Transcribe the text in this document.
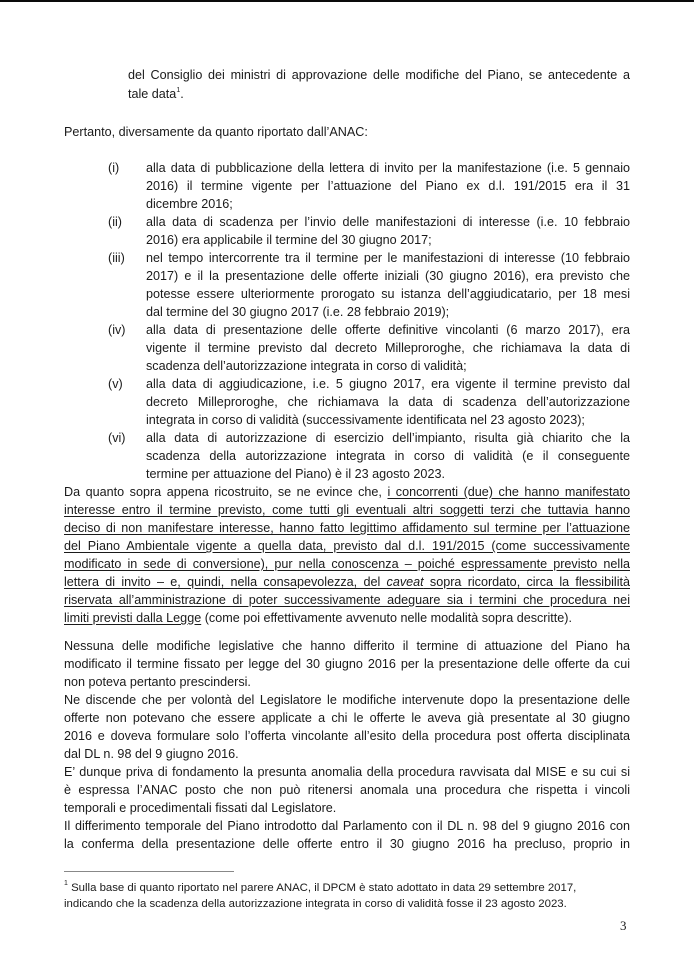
del Consiglio dei ministri di approvazione delle modifiche del Piano, se antecedente a
tale data$^1$.
Pertanto, diversamente da quanto riportato dall’ANAC:
(i) alla data di pubblicazione della lettera di invito per la manifestazione (i.e. 5 gennaio
2016) il termine vigente per l’attuazione del Piano ex d.l. 191/2015 era il 31
dicembre 2016;
(ii) alla data di scadenza per l’invio delle manifestazioni di interesse (i.e. 10 febbraio
2016) era applicabile il termine del 30 giugno 2017;
(iii) nel tempo intercorrente tra il termine per le manifestazioni di interesse (10 febbraio
2017) e il la presentazione delle offerte iniziali (30 giugno 2016), era previsto che
potesse essere ulteriormente prorogato su istanza dell’aggiudicatario, per 18 mesi
dal termine del 30 giugno 2017 (i.e. 28 febbraio 2019);
(iv) alla data di presentazione delle offerte definitive vincolanti (6 marzo 2017), era
vigente il termine previsto dal decreto Milleproroghe, che richiamava la data di
scadenza dell’autorizzazione integrata in corso di validità;
(v) alla data di aggiudicazione, i.e. 5 giugno 2017, era vigente il termine previsto dal
decreto Milleproroghe, che richiamava la data di scadenza dell’autorizzazione
integrata in corso di validità (successivamente identificata nel 23 agosto 2023);
(vi) alla data di autorizzazione di esercizio dell’impianto, risulta già chiarito che la
scadenza della autorizzazione integrata in corso di validità (e il conseguente
termine per attuazione del Piano) è il 23 agosto 2023.
Da quanto sopra appena ricostruito, se ne evince che, i concorrenti (due) che hanno manifestato
interesse entro il termine previsto, come tutti gli eventuali altri soggetti terzi che tuttavia hanno
deciso di non manifestare interesse, hanno fatto legittimo affidamento sul termine per l’attuazione
del Piano Ambientale vigente a quella data, previsto dal d.l. 191/2015 (come successivamente
modificato in sede di conversione), pur nella conoscenza – poiché espressamente previsto nella
lettera di invito – e, quindi, nella consapevolezza, del caveat sopra ricordato, circa la flessibilità
riservata all’amministrazione di poter successivamente adeguare sia i termini che procedura nei
limiti previsti dalla Legge (come poi effettivamente avvenuto nelle modalità sopra descritte).
Nessuna delle modifiche legislative che hanno differito il termine di attuazione del Piano ha
modificato il termine fissato per legge del 30 giugno 2016 per la presentazione delle offerte da cui
non poteva pertanto prescindersi.
Ne discende che per volontà del Legislatore le modifiche intervenute dopo la presentazione delle
offerte non potevano che essere applicate a chi le offerte le aveva già presentate al 30 giugno
2016 e doveva formulare solo l’offerta vincolante all’esito della procedura post offerta disciplinata
dal DL n. 98 del 9 giugno 2016.
E’ dunque priva di fondamento la presunta anomalia della procedura ravvisata dal MISE e su cui si
è espressa l’ANAC posto che non può ritenersi anomala una procedura che rispetta i vincoli
temporali e procedimentali fissati dal Legislatore.
Il differimento temporale del Piano introdotto dal Parlamento con il DL n. 98 del 9 giugno 2016 con
la conferma della presentazione delle offerte entro il 30 giugno 2016 ha precluso, proprio in
$^1$ Sulla base di quanto riportato nel parere ANAC, il DPCM è stato adottato in data 29 settembre 2017,
indicando che la scadenza della autorizzazione integrata in corso di validità fosse il 23 agosto 2023.
3
